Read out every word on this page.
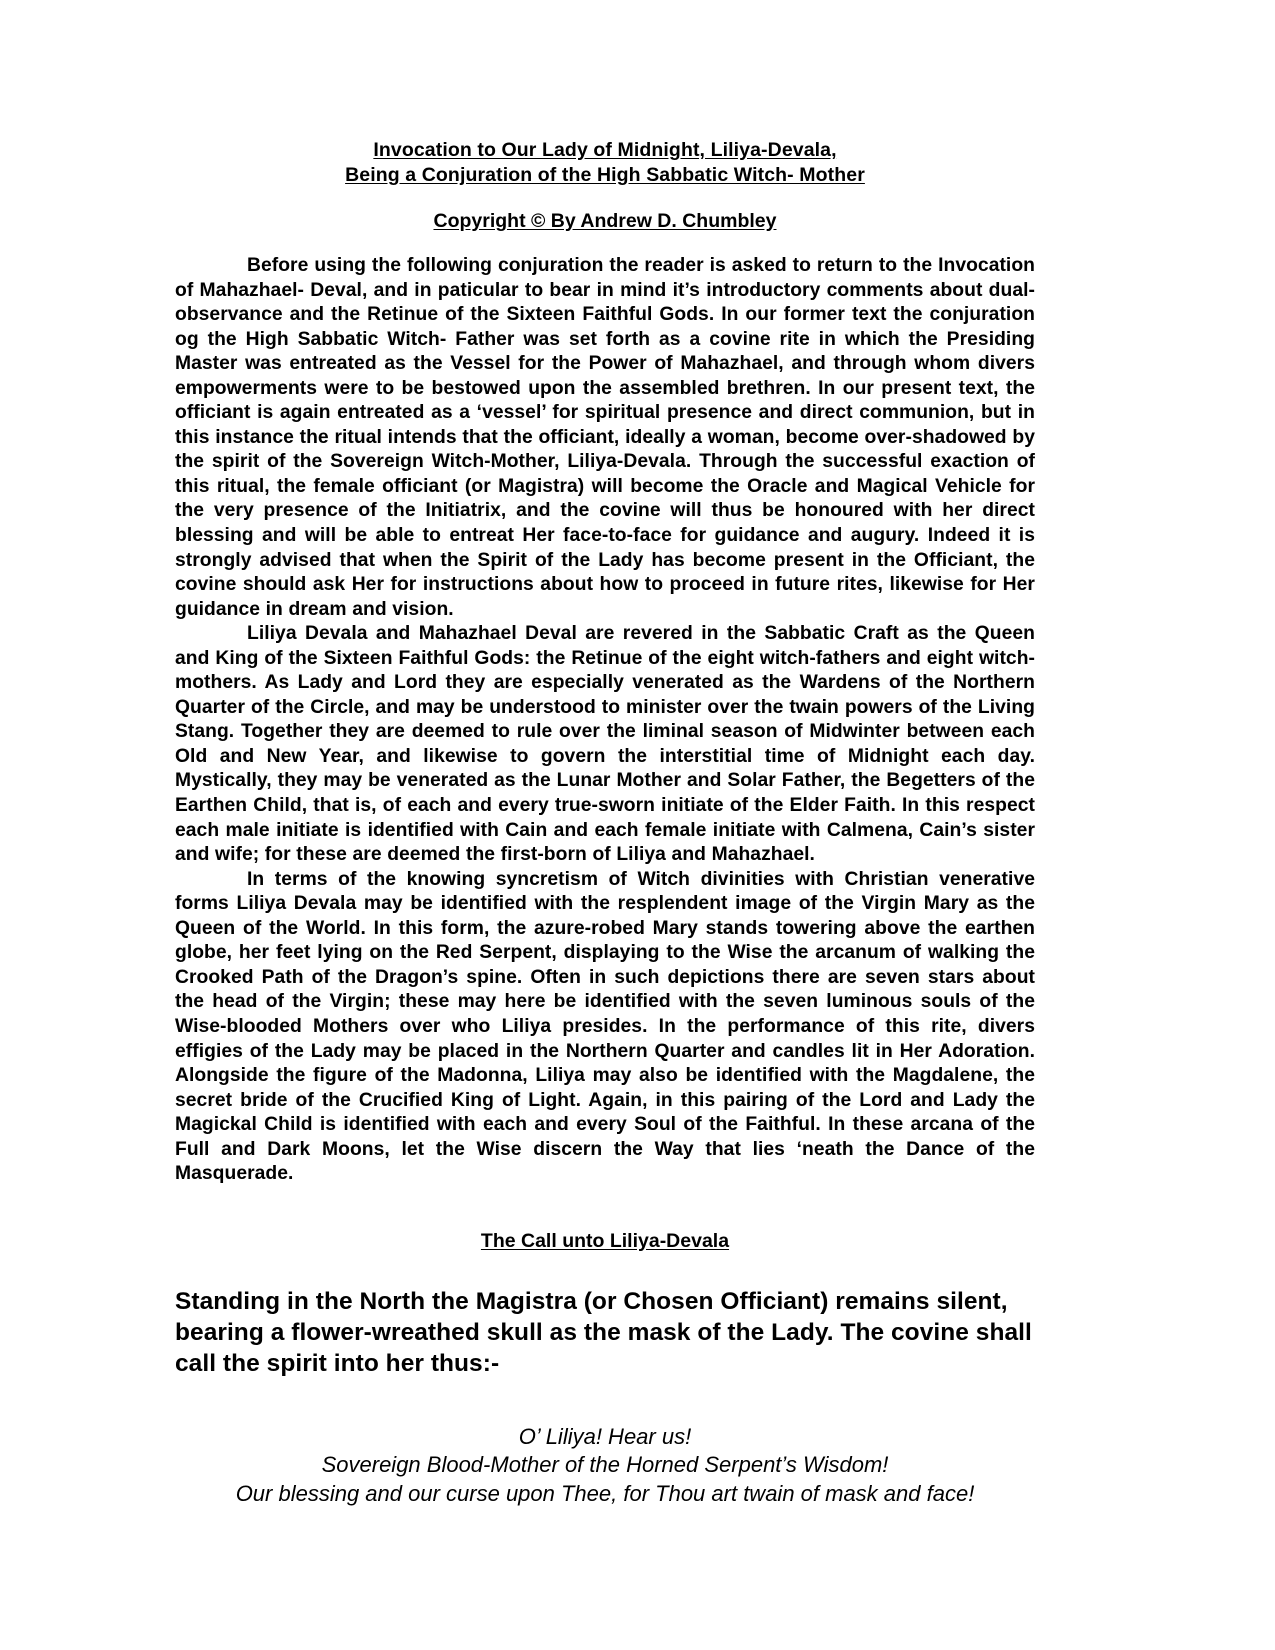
Invocation to Our Lady of Midnight, Liliya-Devala,
Being a Conjuration of the High Sabbatic Witch- Mother
Copyright © By Andrew D. Chumbley

Before using the following conjuration the reader is asked to return to the Invocation of Mahazhael- Deval, and in paticular to bear in mind it’s introductory comments about dual-observance and the Retinue of the Sixteen Faithful Gods. In our former text the conjuration og the High Sabbatic Witch- Father was set forth as a covine rite in which the Presiding Master was entreated as the Vessel for the Power of Mahazhael, and through whom divers empowerments were to be bestowed upon the assembled brethren. In our present text, the officiant is again entreated as a ‘vessel’ for spiritual presence and direct communion, but in this instance the ritual intends that the officiant, ideally a woman, become over-shadowed by the spirit of the Sovereign Witch-Mother, Liliya-Devala. Through the successful exaction of this ritual, the female officiant (or Magistra) will become the Oracle and Magical Vehicle for the very presence of the Initiatrix, and the covine will thus be honoured with her direct blessing and will be able to entreat Her face-to-face for guidance and augury. Indeed it is strongly advised that when the Spirit of the Lady has become present in the Officiant, the covine should ask Her for instructions about how to proceed in future rites, likewise for Her guidance in dream and vision.

Liliya Devala and Mahazhael Deval are revered in the Sabbatic Craft as the Queen and King of the Sixteen Faithful Gods: the Retinue of the eight witch-fathers and eight witch-mothers. As Lady and Lord they are especially venerated as the Wardens of the Northern Quarter of the Circle, and may be understood to minister over the twain powers of the Living Stang. Together they are deemed to rule over the liminal season of Midwinter between each Old and New Year, and likewise to govern the interstitial time of Midnight each day. Mystically, they may be venerated as the Lunar Mother and Solar Father, the Begetters of the Earthen Child, that is, of each and every true-sworn initiate of the Elder Faith. In this respect each male initiate is identified with Cain and each female initiate with Calmena, Cain’s sister and wife; for these are deemed the first-born of Liliya and Mahazhael.

In terms of the knowing syncretism of Witch divinities with Christian venerative forms Liliya Devala may be identified with the resplendent image of the Virgin Mary as the Queen of the World. In this form, the azure-robed Mary stands towering above the earthen globe, her feet lying on the Red Serpent, displaying to the Wise the arcanum of walking the Crooked Path of the Dragon’s spine. Often in such depictions there are seven stars about the head of the Virgin; these may here be identified with the seven luminous souls of the Wise-blooded Mothers over who Liliya presides. In the performance of this rite, divers effigies of the Lady may be placed in the Northern Quarter and candles lit in Her Adoration. Alongside the figure of the Madonna, Liliya may also be identified with the Magdalene, the secret bride of the Crucified King of Light. Again, in this pairing of the Lord and Lady the Magickal Child is identified with each and every Soul of the Faithful. In these arcana of the Full and Dark Moons, let the Wise discern the Way that lies ‘neath the Dance of the Masquerade.

The Call unto Liliya-Devala

Standing in the North the Magistra (or Chosen Officiant) remains silent, bearing a flower-wreathed skull as the mask of the Lady. The covine shall call the spirit into her thus:-

O’ Liliya! Hear us!
Sovereign Blood-Mother of the Horned Serpent’s Wisdom!
Our blessing and our curse upon Thee, for Thou art twain of mask and face!
